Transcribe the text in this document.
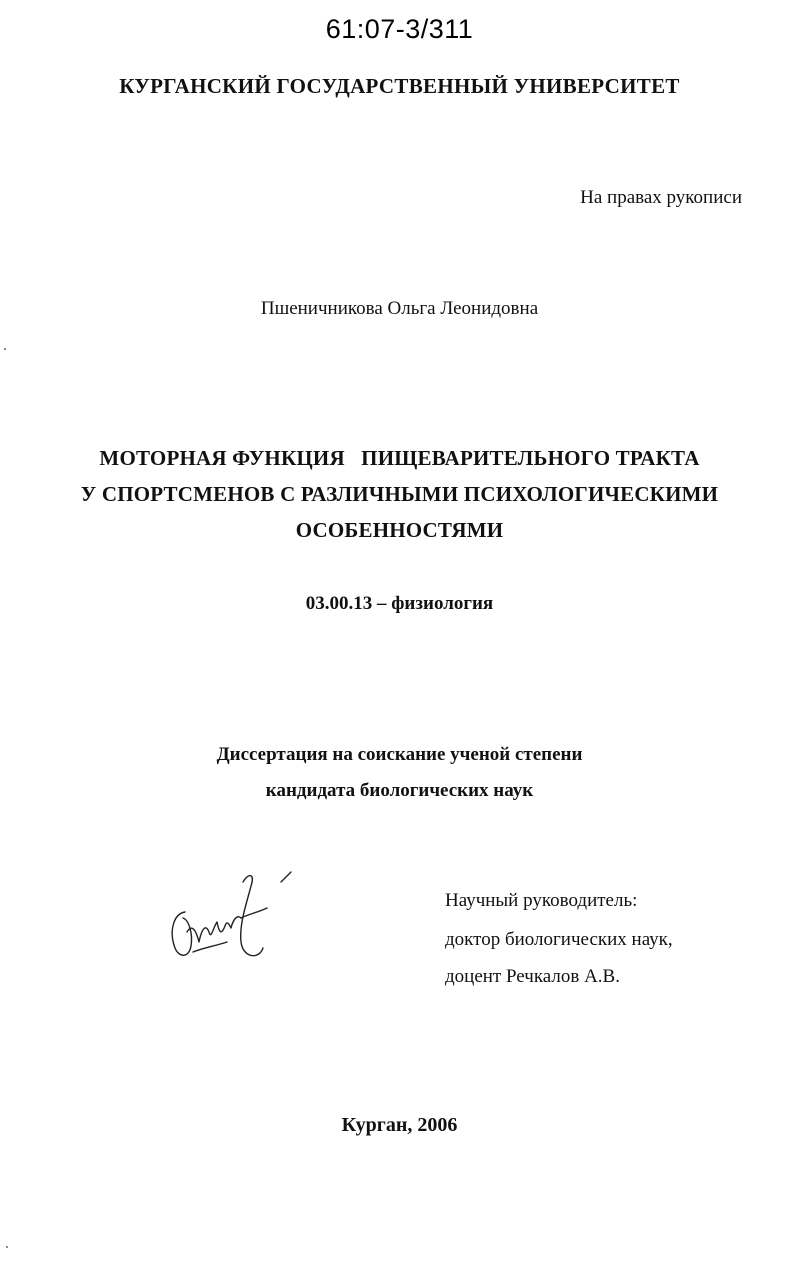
61:07-3/311
КУРГАНСКИЙ ГОСУДАРСТВЕННЫЙ УНИВЕРСИТЕТ
На правах рукописи
Пшеничникова Ольга Леонидовна
МОТОРНАЯ ФУНКЦИЯ   ПИЩЕВАРИТЕЛЬНОГО ТРАКТА
У СПОРТСМЕНОВ С РАЗЛИЧНЫМИ ПСИХОЛОГИЧЕСКИМИ
ОСОБЕННОСТЯМИ
03.00.13 – физиология
Диссертация на соискание ученой степени
кандидата биологических наук
Научный руководитель:
доктор биологических наук,
доцент Речкалов А.В.
Курган, 2006
